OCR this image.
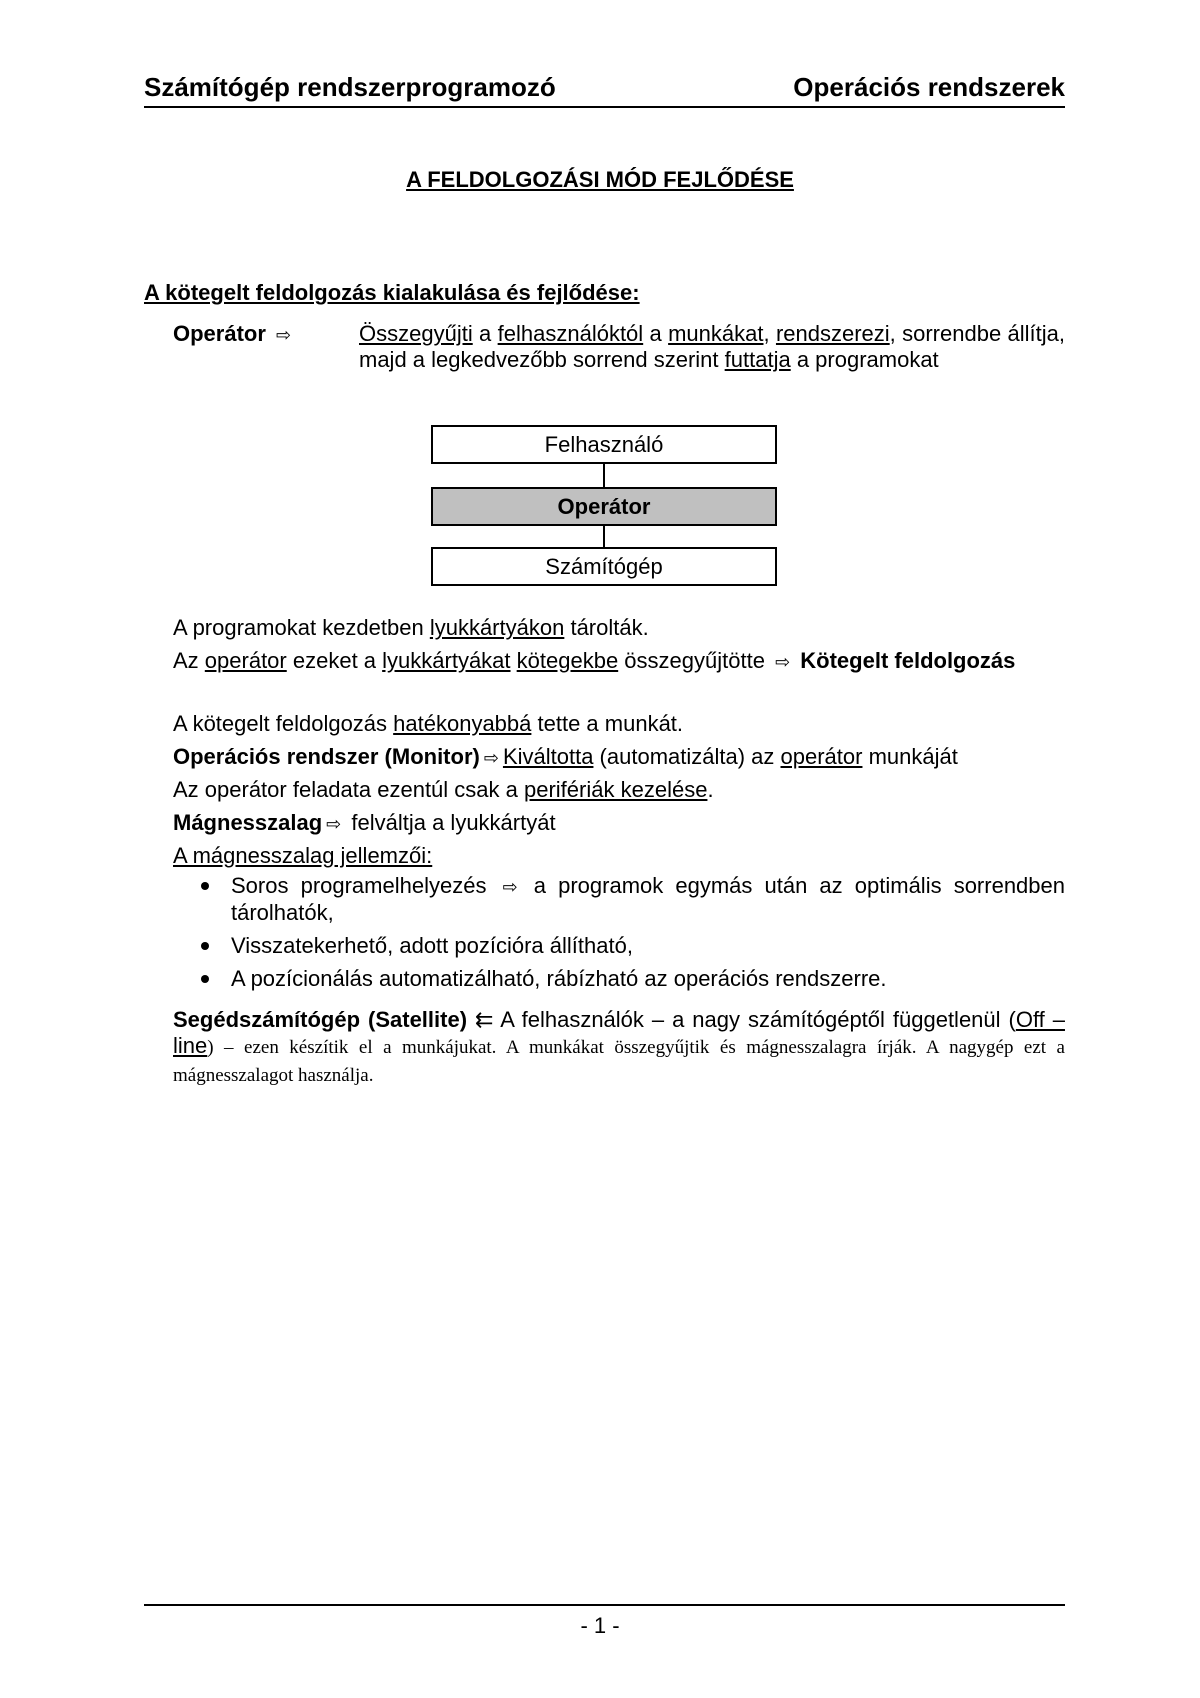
Számítógép rendszerprogramozó	Operációs rendszerek
A FELDOLGOZÁSI MÓD FEJLŐDÉSE
A kötegelt feldolgozás kialakulása és fejlődése:
Operátor ⇨	Összegyűjti a felhasználóktól a munkákat, rendszerezi, sorrendbe állítja, majd a legkedvezőbb sorrend szerint futtatja a programokat
Felhasználó
Operátor
Számítógép
A programokat kezdetben lyukkártyákon tárolták.
Az operátor ezeket a lyukkártyákat kötegekbe összegyűjtötte ⇨ Kötegelt feldolgozás
A kötegelt feldolgozás hatékonyabbá tette a munkát.
Operációs rendszer (Monitor) ⇨ Kiváltotta (automatizálta) az operátor munkáját
Az operátor feladata ezentúl csak a perifériák kezelése.
Mágnesszalag ⇨ felváltja a lyukkártyát
A mágnesszalag jellemzői:
Soros programelhelyezés ⇨ a programok egymás után az optimális sorrendben tárolhatók,
Visszatekerhető, adott pozícióra állítható,
A pozícionálás automatizálható, rábízható az operációs rendszerre.
Segédszámítógép (Satellite) ⇇ A felhasználók – a nagy számítógéptől függetlenül (Off – line) – ezen készítik el a munkájukat. A munkákat összegyűjtik és mágnesszalagra írják. A nagygép ezt a mágnesszalagot használja.
- 1 -
